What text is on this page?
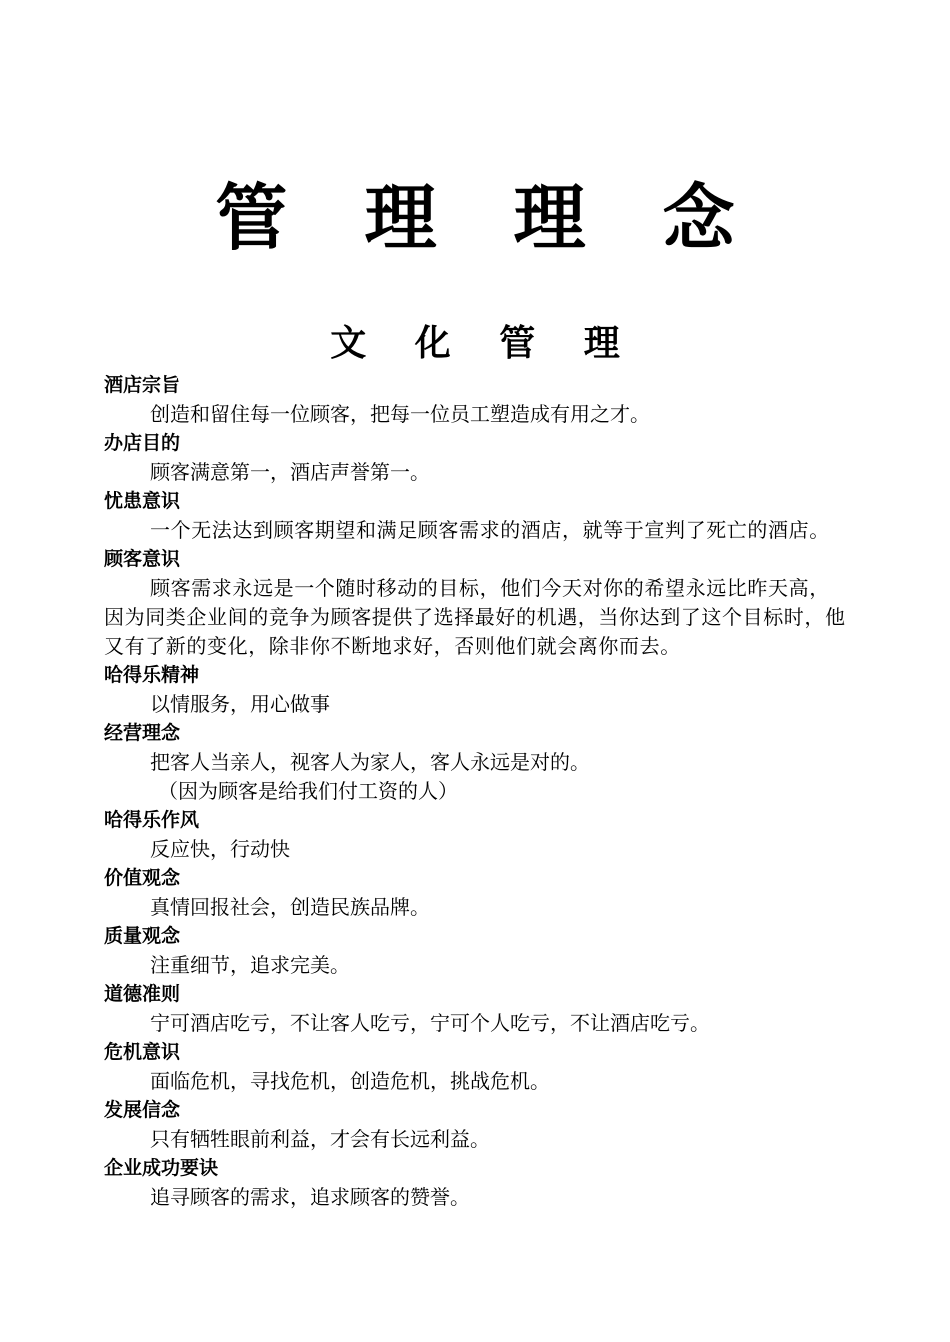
管 理 理 念
文 化 管 理

酒店宗旨

创造和留住每一位顾客，把每一位员工塑造成有用之才。

办店目的

顾客满意第一，酒店声誉第一。

忧患意识

一个无法达到顾客期望和满足顾客需求的酒店，就等于宣判了死亡的酒店。

顾客意识

顾客需求永远是一个随时移动的目标，他们今天对你的希望永远比昨天高，因为同类企业间的竞争为顾客提供了选择最好的机遇，当你达到了这个目标时，他又有了新的变化，除非你不断地求好，否则他们就会离你而去。

哈得乐精神

以情服务，用心做事

经营理念

把客人当亲人，视客人为家人，客人永远是对的。

（因为顾客是给我们付工资的人）

哈得乐作风

反应快，行动快

价值观念

真情回报社会，创造民族品牌。

质量观念

注重细节，追求完美。

道德准则

宁可酒店吃亏，不让客人吃亏，宁可个人吃亏，不让酒店吃亏。

危机意识

面临危机，寻找危机，创造危机，挑战危机。

发展信念

只有牺牲眼前利益，才会有长远利益。

企业成功要诀

追寻顾客的需求，追求顾客的赞誉。
